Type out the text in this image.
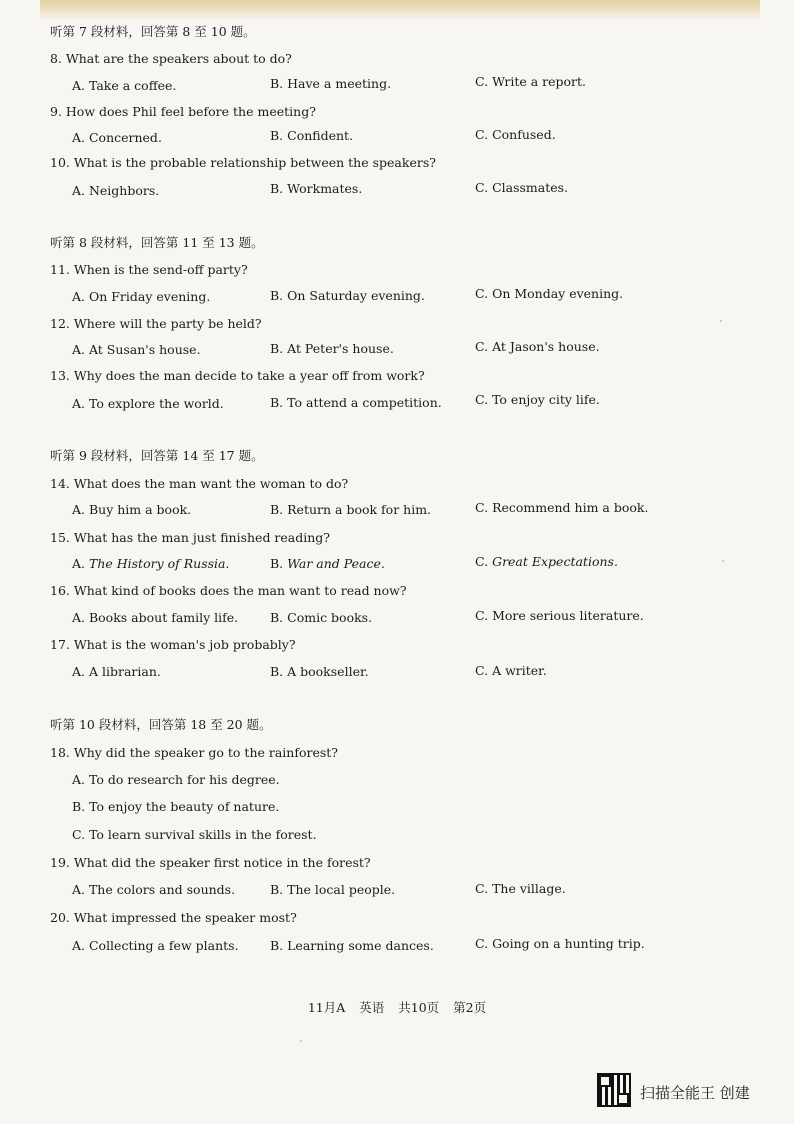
听第 7 段材料，回答第 8 至 10 题。
8. What are the speakers about to do?
A. Take a coffee.	B. Have a meeting.	C. Write a report.
9. How does Phil feel before the meeting?
A. Concerned.	B. Confident.	C. Confused.
10. What is the probable relationship between the speakers?
A. Neighbors.	B. Workmates.	C. Classmates.
听第 8 段材料，回答第 11 至 13 题。
11. When is the send-off party?
A. On Friday evening.	B. On Saturday evening.	C. On Monday evening.
12. Where will the party be held?
A. At Susan's house.	B. At Peter's house.	C. At Jason's house.
13. Why does the man decide to take a year off from work?
A. To explore the world.	B. To attend a competition.	C. To enjoy city life.
听第 9 段材料，回答第 14 至 17 题。
14. What does the man want the woman to do?
A. Buy him a book.	B. Return a book for him.	C. Recommend him a book.
15. What has the man just finished reading?
A. The History of Russia.	B. War and Peace.	C. Great Expectations.
16. What kind of books does the man want to read now?
A. Books about family life.	B. Comic books.	C. More serious literature.
17. What is the woman's job probably?
A. A librarian.	B. A bookseller.	C. A writer.
听第 10 段材料，回答第 18 至 20 题。
18. Why did the speaker go to the rainforest?
A. To do research for his degree.
B. To enjoy the beauty of nature.
C. To learn survival skills in the forest.
19. What did the speaker first notice in the forest?
A. The colors and sounds.	B. The local people.	C. The village.
20. What impressed the speaker most?
A. Collecting a few plants.	B. Learning some dances.	C. Going on a hunting trip.
11月A 英语 共10页 第2页
扫描全能王 创建
